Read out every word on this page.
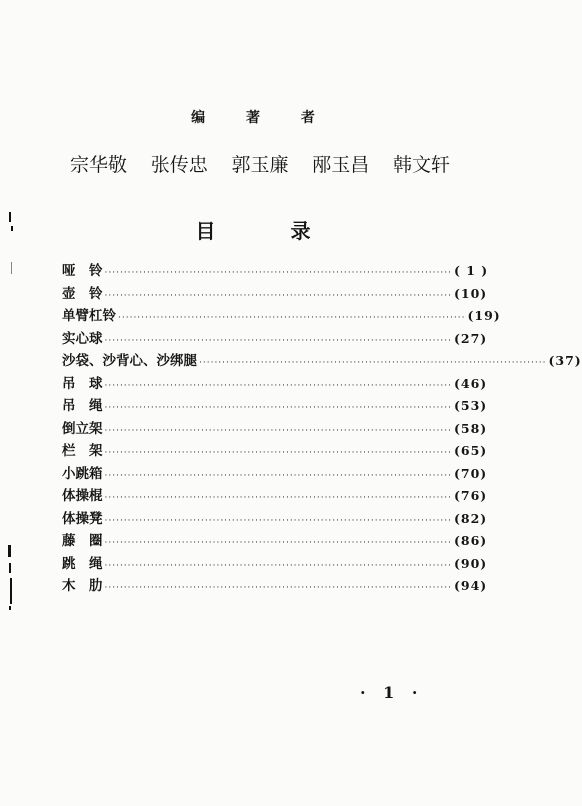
编 著 者
宗华敬 张传忠 郭玉廉 邴玉昌 韩文轩
目 录
哑　铃 ·························································································· ( 1 )
壶　铃 ·························································································· (10)
单臂杠铃 ·························································································· (19)
实心球 ·························································································· (27)
沙袋、沙背心、沙绑腿 ·························································································· (37)
吊　球 ·························································································· (46)
吊　绳 ·························································································· (53)
倒立架 ·························································································· (58)
栏　架 ·························································································· (65)
小跳箱 ·························································································· (70)
体操棍 ·························································································· (76)
体操凳 ·························································································· (82)
藤　圈 ·························································································· (86)
跳　绳 ·························································································· (90)
木　肋 ·························································································· (94)
· 1 ·
